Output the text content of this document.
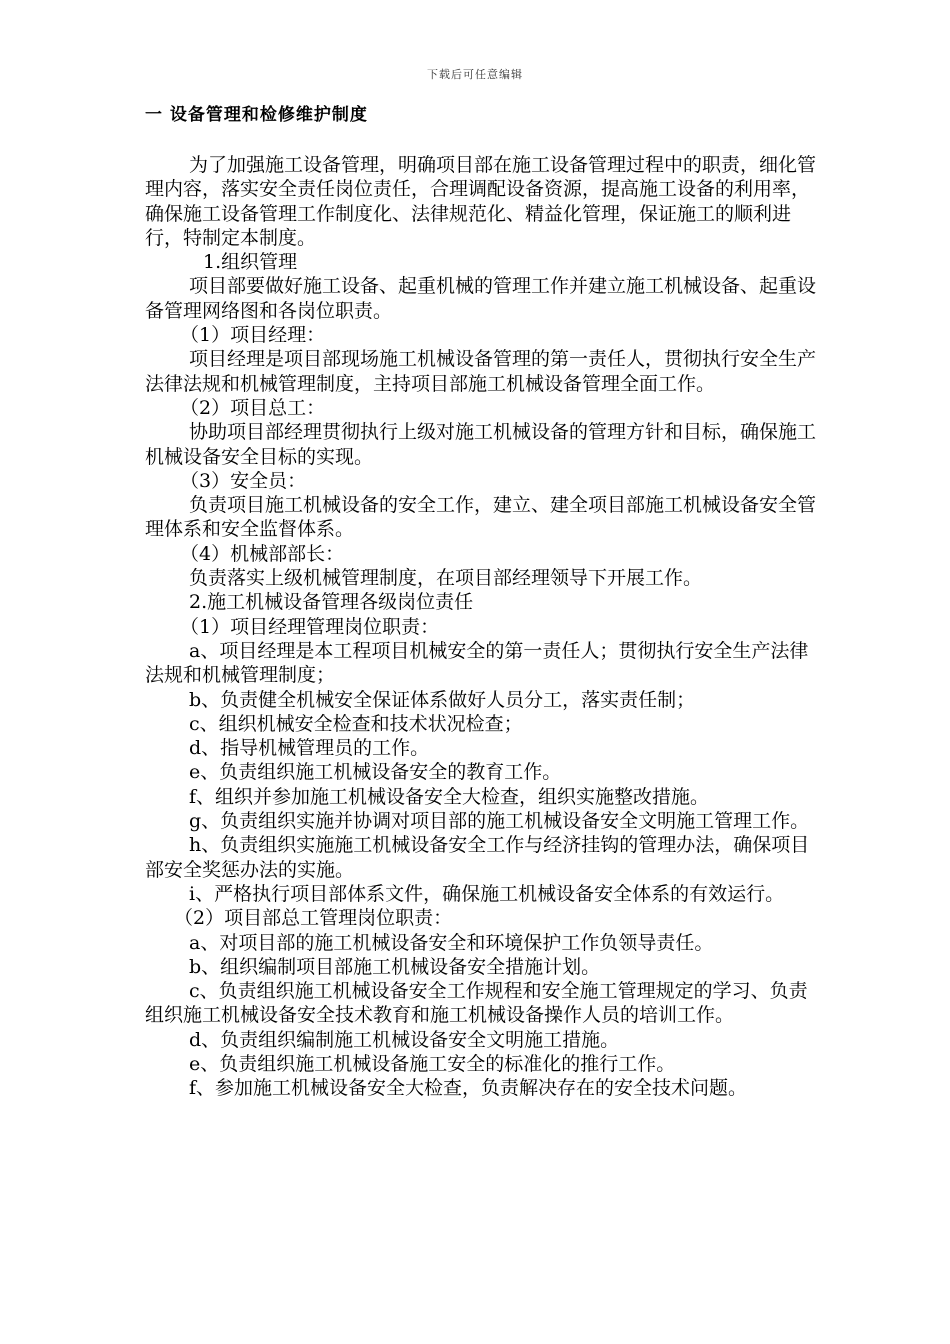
下载后可任意编辑
一 设备管理和检修维护制度

为了加强施工设备管理，明确项目部在施工设备管理过程中的职责，细化管理内容，落实安全责任岗位责任，合理调配设备资源，提高施工设备的利用率，确保施工设备管理工作制度化、法律规范化、精益化管理，保证施工的顺利进行，特制定本制度。

1.组织管理

项目部要做好施工设备、起重机械的管理工作并建立施工机械设备、起重设备管理网络图和各岗位职责。

（1）项目经理：

项目经理是项目部现场施工机械设备管理的第一责任人，贯彻执行安全生产法律法规和机械管理制度，主持项目部施工机械设备管理全面工作。

（2）项目总工：

协助项目部经理贯彻执行上级对施工机械设备的管理方针和目标，确保施工机械设备安全目标的实现。

（3）安全员：

负责项目施工机械设备的安全工作，建立、建全项目部施工机械设备安全管理体系和安全监督体系。

（4）机械部部长：

负责落实上级机械管理制度，在项目部经理领导下开展工作。

2.施工机械设备管理各级岗位责任

（1）项目经理管理岗位职责：

a、项目经理是本工程项目机械安全的第一责任人；贯彻执行安全生产法律法规和机械管理制度；

b、负责健全机械安全保证体系做好人员分工，落实责任制；

c、组织机械安全检查和技术状况检查；

d、指导机械管理员的工作。

e、负责组织施工机械设备安全的教育工作。

f、组织并参加施工机械设备安全大检查，组织实施整改措施。

g、负责组织实施并协调对项目部的施工机械设备安全文明施工管理工作。

h、负责组织实施施工机械设备安全工作与经济挂钩的管理办法，确保项目部安全奖惩办法的实施。

i、严格执行项目部体系文件，确保施工机械设备安全体系的有效运行。

（2）项目部总工管理岗位职责：

a、对项目部的施工机械设备安全和环境保护工作负领导责任。

b、组织编制项目部施工机械设备安全措施计划。

c、负责组织施工机械设备安全工作规程和安全施工管理规定的学习、负责组织施工机械设备安全技术教育和施工机械设备操作人员的培训工作。

d、负责组织编制施工机械设备安全文明施工措施。

e、负责组织施工机械设备施工安全的标准化的推行工作。

f、参加施工机械设备安全大检查，负责解决存在的安全技术问题。
